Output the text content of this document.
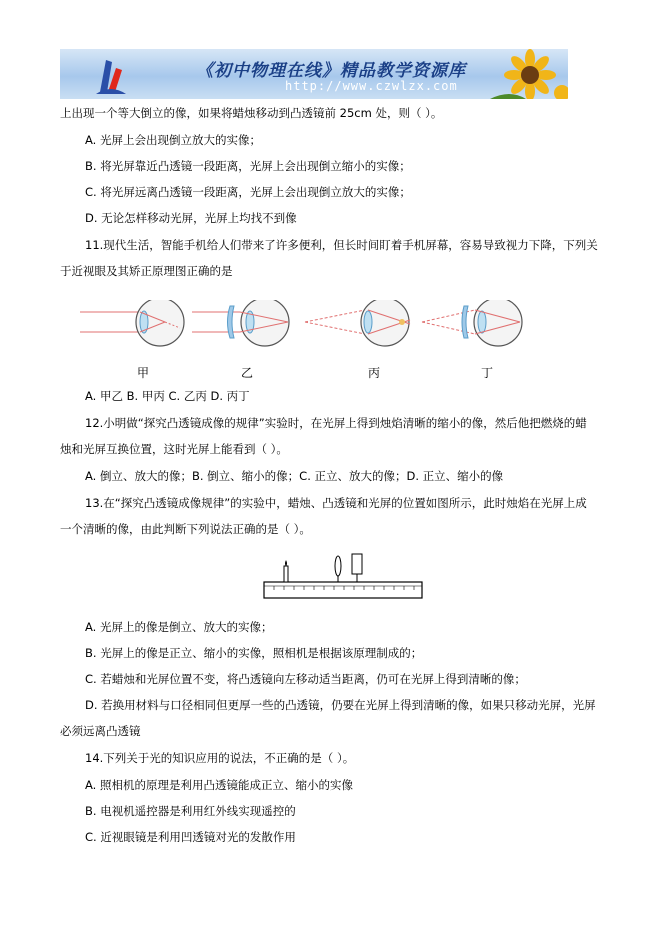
《初中物理在线》精品教学资源库
http://www.czwlzx.com
上出现一个等大倒立的像，如果将蜡烛移动到凸透镜前 25cm 处，则（ ）。
A. 光屏上会出现倒立放大的实像；
B. 将光屏靠近凸透镜一段距离，光屏上会出现倒立缩小的实像；
C. 将光屏远离凸透镜一段距离，光屏上会出现倒立放大的实像；
D. 无论怎样移动光屏，光屏上均找不到像
11.现代生活，智能手机给人们带来了许多便利，但长时间盯着手机屏幕，容易导致视力下降，下列关
于近视眼及其矫正原理图正确的是
甲	乙	丙	丁
A. 甲乙 B. 甲丙 C. 乙丙 D. 丙丁
12.小明做“探究凸透镜成像的规律”实验时，在光屏上得到烛焰清晰的缩小的像，然后他把燃烧的蜡
烛和光屏互换位置，这时光屏上能看到（ ）。
A. 倒立、放大的像；B. 倒立、缩小的像；C. 正立、放大的像；D. 正立、缩小的像
13.在“探究凸透镜成像规律”的实验中，蜡烛、凸透镜和光屏的位置如图所示，此时烛焰在光屏上成
一个清晰的像，由此判断下列说法正确的是（ ）。
A. 光屏上的像是倒立、放大的实像；
B. 光屏上的像是正立、缩小的实像，照相机是根据该原理制成的；
C. 若蜡烛和光屏位置不变，将凸透镜向左移动适当距离，仍可在光屏上得到清晰的像；
D. 若换用材料与口径相同但更厚一些的凸透镜，仍要在光屏上得到清晰的像，如果只移动光屏，光屏
必须远离凸透镜
14.下列关于光的知识应用的说法，不正确的是（ ）。
A. 照相机的原理是利用凸透镜能成正立、缩小的实像
B. 电视机遥控器是利用红外线实现遥控的
C. 近视眼镜是利用凹透镜对光的发散作用
